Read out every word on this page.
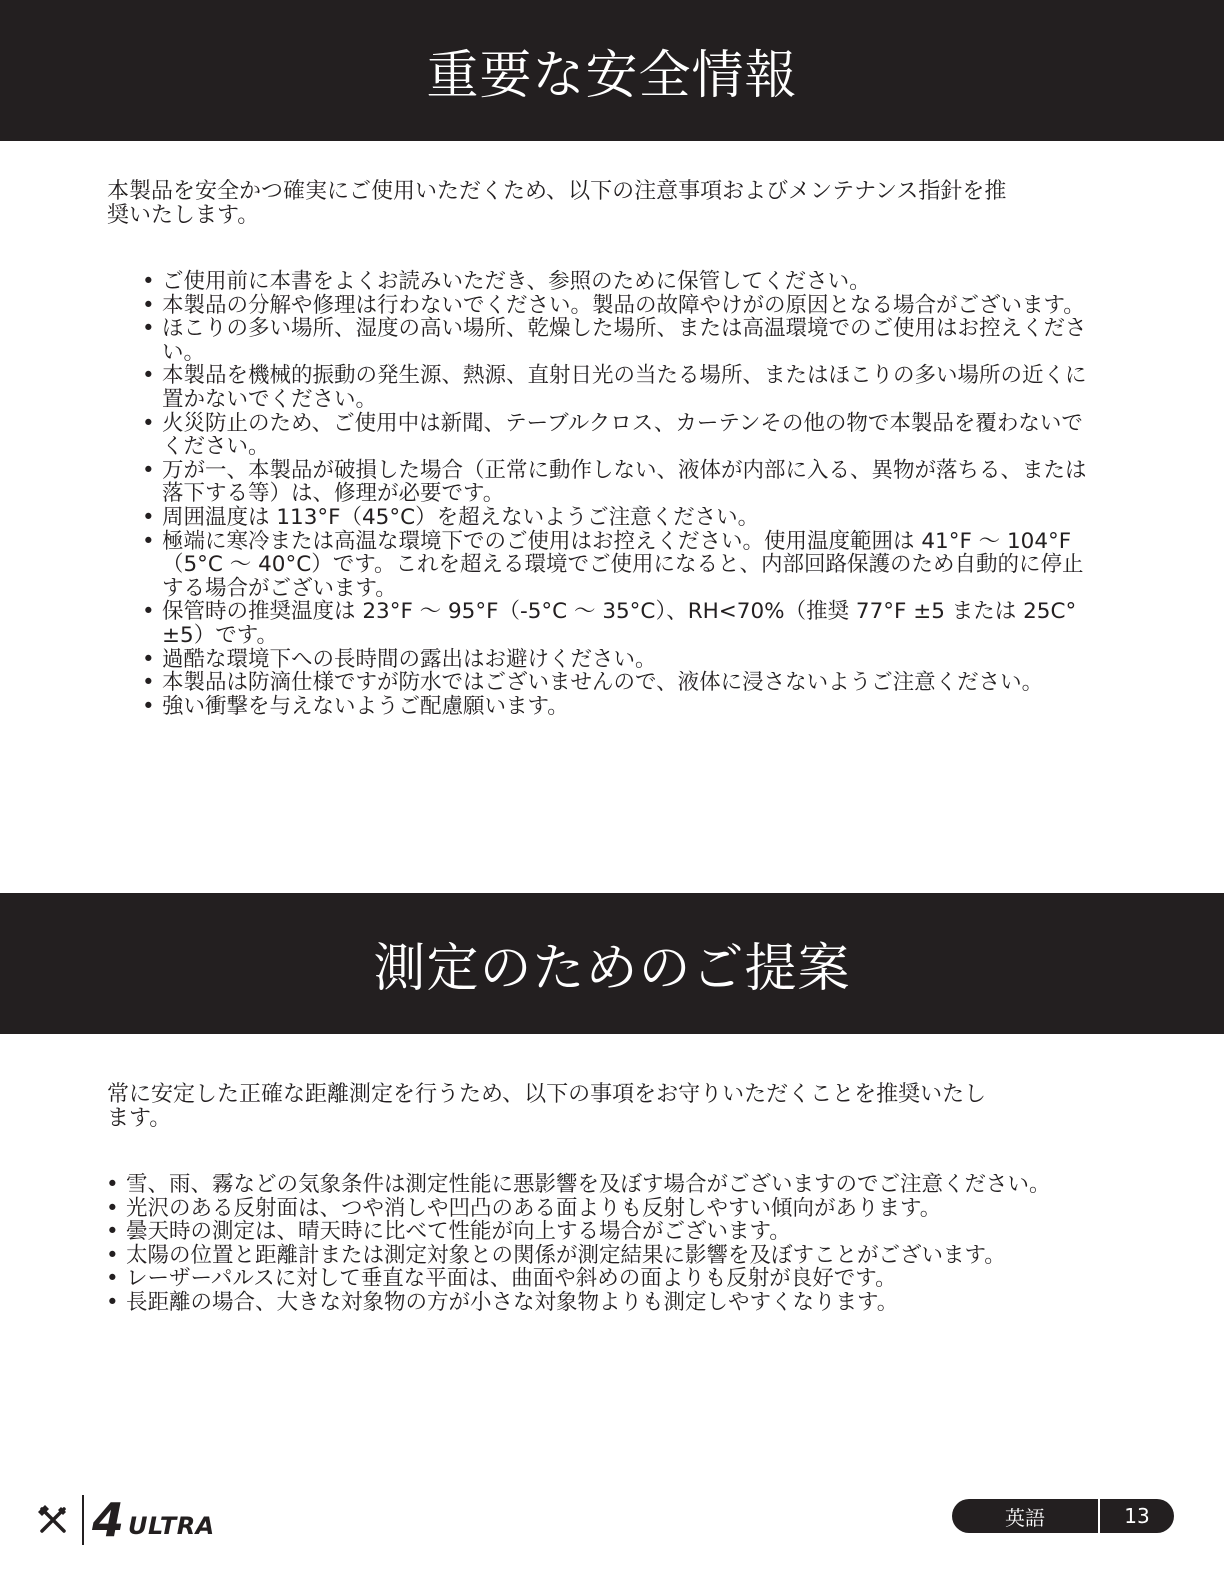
重要な安全情報

本製品を安全かつ確実にご使用いただくため、以下の注意事項およびメンテナンス指針を推奨いたします。

• ご使用前に本書をよくお読みいただき、参照のために保管してください。
• 本製品の分解や修理は行わないでください。製品の故障やけがの原因となる場合がございます。
• ほこりの多い場所、湿度の高い場所、乾燥した場所、または高温環境でのご使用はお控えください。
• 本製品を機械的振動の発生源、熱源、直射日光の当たる場所、またはほこりの多い場所の近くに置かないでください。
• 火災防止のため、ご使用中は新聞、テーブルクロス、カーテンその他の物で本製品を覆わないでください。
• 万が一、本製品が破損した場合（正常に動作しない、液体が内部に入る、異物が落ちる、または落下する等）は、修理が必要です。
• 周囲温度は 113°F（45°C）を超えないようご注意ください。
• 極端に寒冷または高温な環境下でのご使用はお控えください。使用温度範囲は 41°F ～ 104°F（5°C ～ 40°C）です。これを超える環境でご使用になると、内部回路保護のため自動的に停止する場合がございます。
• 保管時の推奨温度は 23°F ～ 95°F（-5°C ～ 35°C）、RH<70%（推奨 77°F ±5 または 25C°±5）です。
• 過酷な環境下への長時間の露出はお避けください。
• 本製品は防滴仕様ですが防水ではございませんので、液体に浸さないようご注意ください。
• 強い衝撃を与えないようご配慮願います。
測定のためのご提案

常に安定した正確な距離測定を行うため、以下の事項をお守りいただくことを推奨いたします。

• 雪、雨、霧などの気象条件は測定性能に悪影響を及ぼす場合がございますのでご注意ください。
• 光沢のある反射面は、つや消しや凹凸のある面よりも反射しやすい傾向があります。
• 曇天時の測定は、晴天時に比べて性能が向上する場合がございます。
• 太陽の位置と距離計または測定対象との関係が測定結果に影響を及ぼすことがございます。
• レーザーパルスに対して垂直な平面は、曲面や斜めの面よりも反射が良好です。
• 長距離の場合、大きな対象物の方が小さな対象物よりも測定しやすくなります。
4 ULTRA	英語	13
